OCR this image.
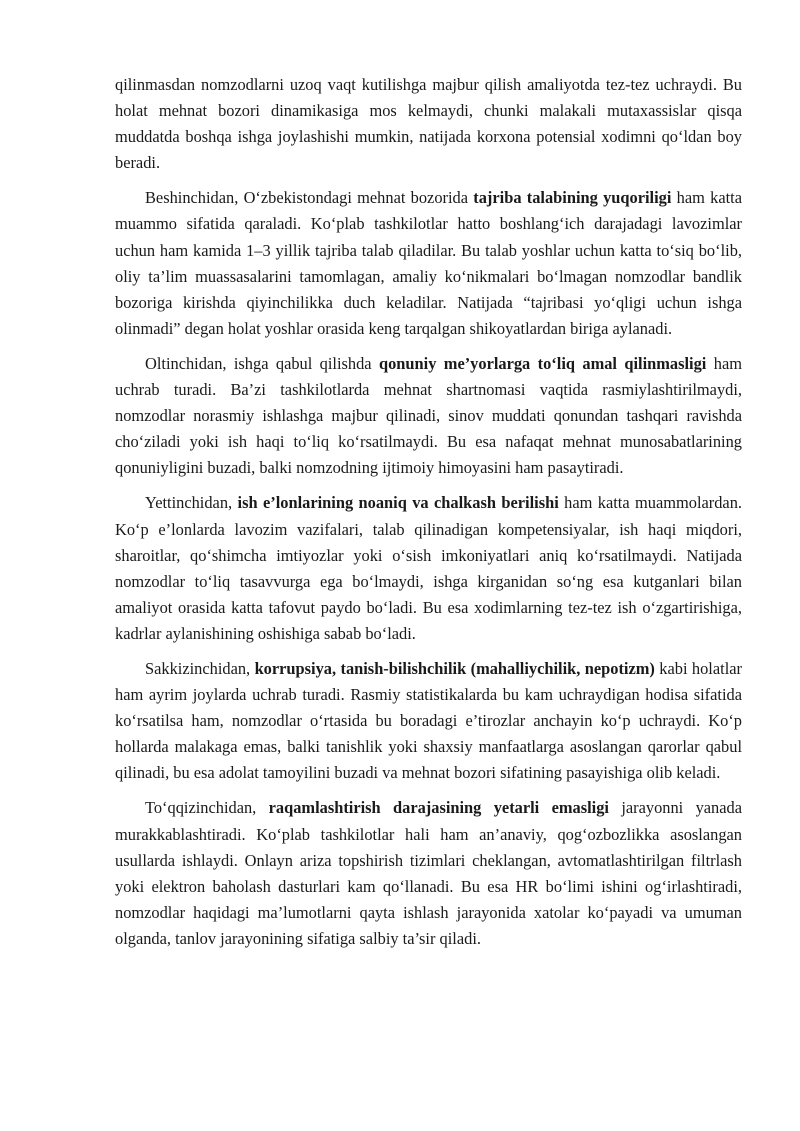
qilinmasdan nomzodlarni uzoq vaqt kutilishga majbur qilish amaliyotda tez-tez uchraydi. Bu holat mehnat bozori dinamikasiga mos kelmaydi, chunki malakali mutaxassislar qisqa muddatda boshqa ishga joylashishi mumkin, natijada korxona potensial xodimni qo‘ldan boy beradi.

Beshinchidan, O‘zbekistondagi mehnat bozorida tajriba talabining yuqoriligi ham katta muammo sifatida qaraladi. Ko‘plab tashkilotlar hatto boshlang‘ich darajadagi lavozimlar uchun ham kamida 1–3 yillik tajriba talab qiladilar. Bu talab yoshlar uchun katta to‘siq bo‘lib, oliy ta’lim muassasalarini tamomlagan, amaliy ko‘nikmalari bo‘lmagan nomzodlar bandlik bozoriga kirishda qiyinchilikka duch keladilar. Natijada “tajribasi yo‘qligi uchun ishga olinmadi” degan holat yoshlar orasida keng tarqalgan shikoyatlardan biriga aylanadi.

Oltinchidan, ishga qabul qilishda qonuniy me’yorlarga to‘liq amal qilinmasligi ham uchrab turadi. Ba’zi tashkilotlarda mehnat shartnomasi vaqtida rasmiylashtirilmaydi, nomzodlar norasmiy ishlashga majbur qilinadi, sinov muddati qonundan tashqari ravishda cho‘ziladi yoki ish haqi to‘liq ko‘rsatilmaydi. Bu esa nafaqat mehnat munosabatlarining qonuniyligini buzadi, balki nomzodning ijtimoiy himoyasini ham pasaytiradi.

Yettinchidan, ish e’lonlarining noaniq va chalkash berilishi ham katta muammolardan. Ko‘p e’lonlarda lavozim vazifalari, talab qilinadigan kompetensiyalar, ish haqi miqdori, sharoitlar, qo‘shimcha imtiyozlar yoki o‘sish imkoniyatlari aniq ko‘rsatilmaydi. Natijada nomzodlar to‘liq tasavvurga ega bo‘lmaydi, ishga kirganidan so‘ng esa kutganlari bilan amaliyot orasida katta tafovut paydo bo‘ladi. Bu esa xodimlarning tez-tez ish o‘zgartirishiga, kadrlar aylanishining oshishiga sabab bo‘ladi.

Sakkizinchidan, korrupsiya, tanish-bilishchilik (mahalliychilik, nepotizm) kabi holatlar ham ayrim joylarda uchrab turadi. Rasmiy statistikalarda bu kam uchraydigan hodisa sifatida ko‘rsatilsa ham, nomzodlar o‘rtasida bu boradagi e’tirozlar anchayin ko‘p uchraydi. Ko‘p hollarda malakaga emas, balki tanishlik yoki shaxsiy manfaatlarga asoslangan qarorlar qabul qilinadi, bu esa adolat tamoyilini buzadi va mehnat bozori sifatining pasayishiga olib keladi.

To‘qqizinchidan, raqamlashtirish darajasining yetarli emasligi jarayonni yanada murakkablashtiradi. Ko‘plab tashkilotlar hali ham an’anaviy, qog‘ozbozlikka asoslangan usullarda ishlaydi. Onlayn ariza topshirish tizimlari cheklangan, avtomatlashtirilgan filtrlash yoki elektron baholash dasturlari kam qo‘llanadi. Bu esa HR bo‘limi ishini og‘irlashtiradi, nomzodlar haqidagi ma’lumotlarni qayta ishlash jarayonida xatolar ko‘payadi va umuman olganda, tanlov jarayonining sifatiga salbiy ta’sir qiladi.
